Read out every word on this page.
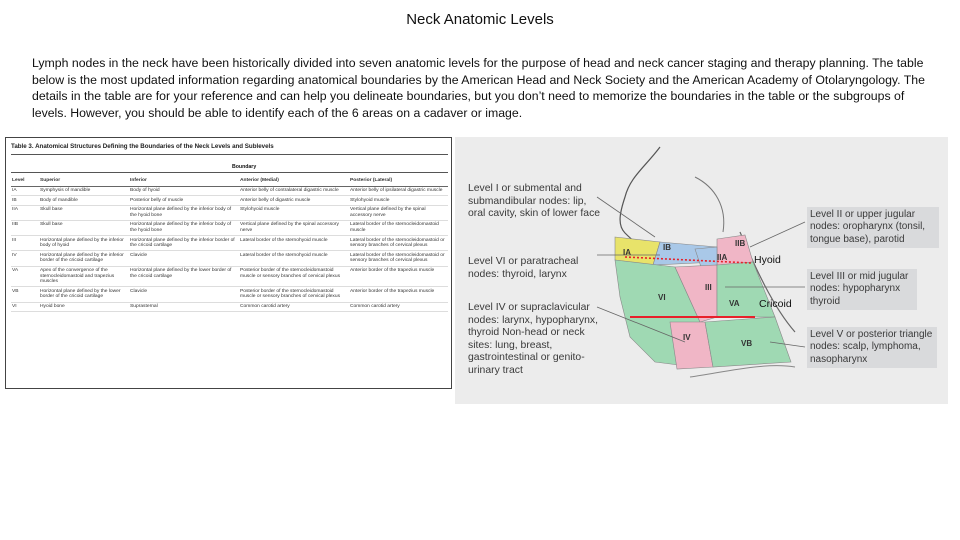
Neck Anatomic Levels
Lymph nodes in the neck have been historically divided into seven anatomic levels for the purpose of head and neck cancer staging and therapy planning. The table below is the most updated information regarding anatomical boundaries by the American Head and Neck Society and the American Academy of Otolaryngology. The details in the table are for your reference and can help you delineate boundaries, but you don’t need to memorize the boundaries in the table or the subgroups of levels. However, you should be able to identify each of the 6 areas on a cadaver or image.
Table 3. Anatomical Structures Defining the Boundaries of the Neck Levels and Sublevels
Boundary
Level	Superior	Inferior	Anterior (Medial)	Posterior (Lateral)
IA	Symphysis of mandible	Body of hyoid	Anterior belly of contralateral digastric muscle	Anterior belly of ipsilateral digastric muscle
IB	Body of mandible	Posterior belly of muscle	Anterior belly of digastric muscle	Stylohyoid muscle
IIA	Skull base	Horizontal plane defined by the inferior body of the hyoid bone	Stylohyoid muscle	Vertical plane defined by the spinal accessory nerve
IIB	Skull base	Horizontal plane defined by the inferior body of the hyoid bone	Vertical plane defined by the spinal accessory nerve	Lateral border of the sternocleidomastoid muscle
III	Horizontal plane defined by the inferior body of hyoid	Horizontal plane defined by the inferior border of the cricoid cartilage	Lateral border of the sternohyoid muscle	Lateral border of the sternocleidomastoid or sensory branches of cervical plexus
IV	Horizontal plane defined by the inferior border of the cricoid cartilage	Clavicle	Lateral border of the sternohyoid muscle	Lateral border of the sternocleidomastoid or sensory branches of cervical plexus
VA	Apex of the convergence of the sternocleidomastoid and trapezius muscles	Horizontal plane defined by the lower border of the cricoid cartilage	Posterior border of the sternocleidomastoid muscle or sensory branches of cervical plexus	Anterior border of the trapezius muscle
VB	Horizontal plane defined by the lower border of the cricoid cartilage	Clavicle	Posterior border of the sternocleidomastoid muscle or sensory branches of cervical plexus	Anterior border of the trapezius muscle
VI	Hyoid bone	Suprasternal	Common carotid artery	Common carotid artery
Level I or submental and submandibular nodes: lip, oral cavity, skin of lower face
Level VI or paratracheal nodes: thyroid, larynx
Level IV or supraclavicular nodes: larynx, hypopharynx, thyroid Non-head or neck sites: lung, breast, gastrointestinal or genito-urinary tract
Level II or upper jugular nodes: oropharynx (tonsil, tongue base), parotid
Level III or mid jugular nodes: hypopharynx thyroid
Level V or posterior triangle nodes: scalp, lymphoma, nasopharynx
IA
IB
IIA
IIB
III
VI
VA
IV
VB
Hyoid
Cricoid
